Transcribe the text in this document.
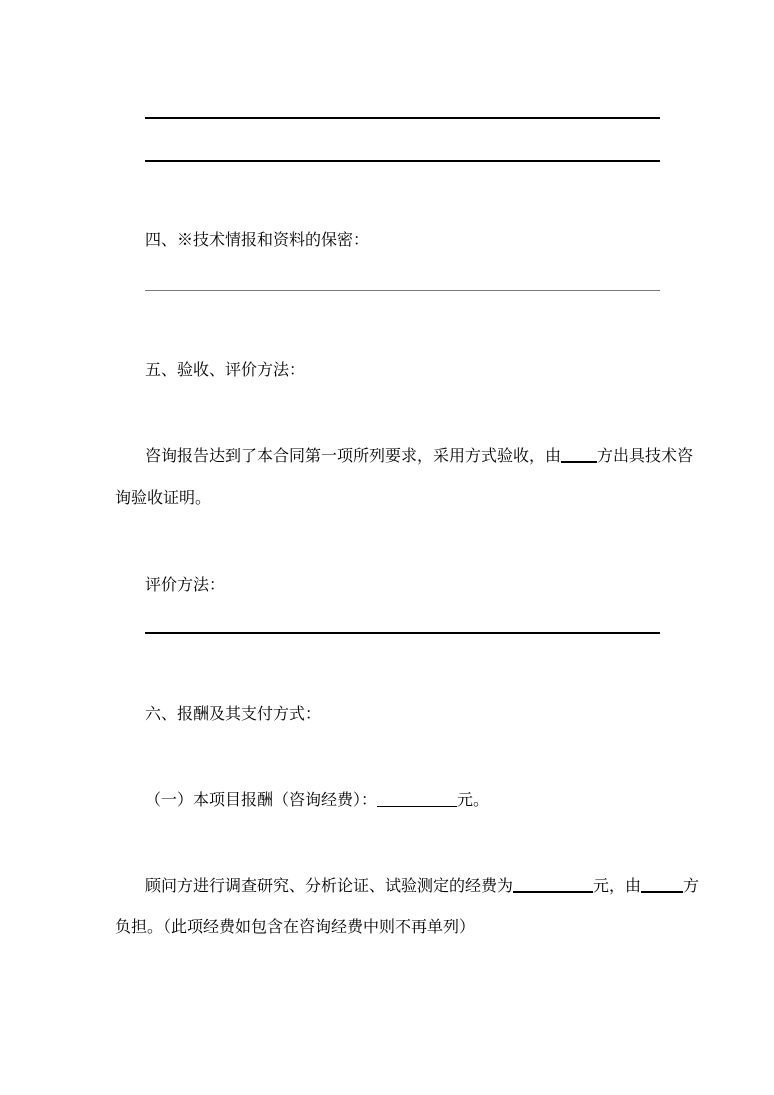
四、※技术情报和资料的保密：
五、验收、评价方法：
咨询报告达到了本合同第一项所列要求，采用方式验收，由 方出具技术咨
询验收证明。
评价方法：
六、报酬及其支付方式：
（一）本项目报酬（咨询经费）：	元。
顾问方进行调查研究、分析论证、试验测定的经费为	元，由	方
负担。（此项经费如包含在咨询经费中则不再单列）
